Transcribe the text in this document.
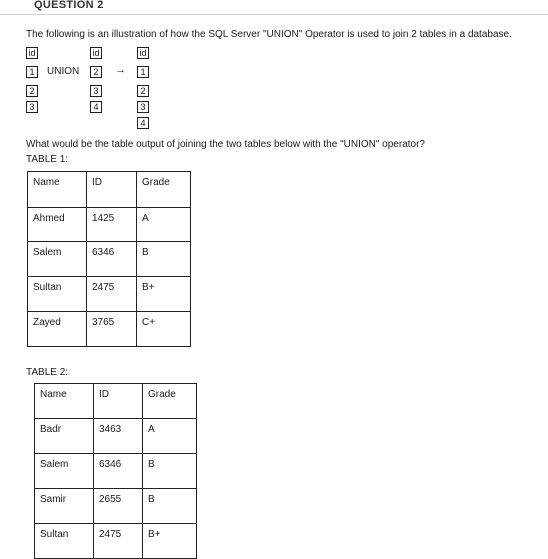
QUESTION 2
The following is an illustration of how the SQL Server "UNION" Operator is used to join 2 tables in a database.
id
1
2
3
UNION
id
2
3
4
→
id
1
2
3
4
What would be the table output of joining the two tables below with the "UNION" operator?
TABLE 1:
Name	ID	Grade
Ahmed	1425	A
Salem	6346	B
Sultan	2475	B+
Zayed	3765	C+
TABLE 2:
Name	ID	Grade
Badr	3463	A
Salem	6346	B
Samir	2655	B
Sultan	2475	B+
